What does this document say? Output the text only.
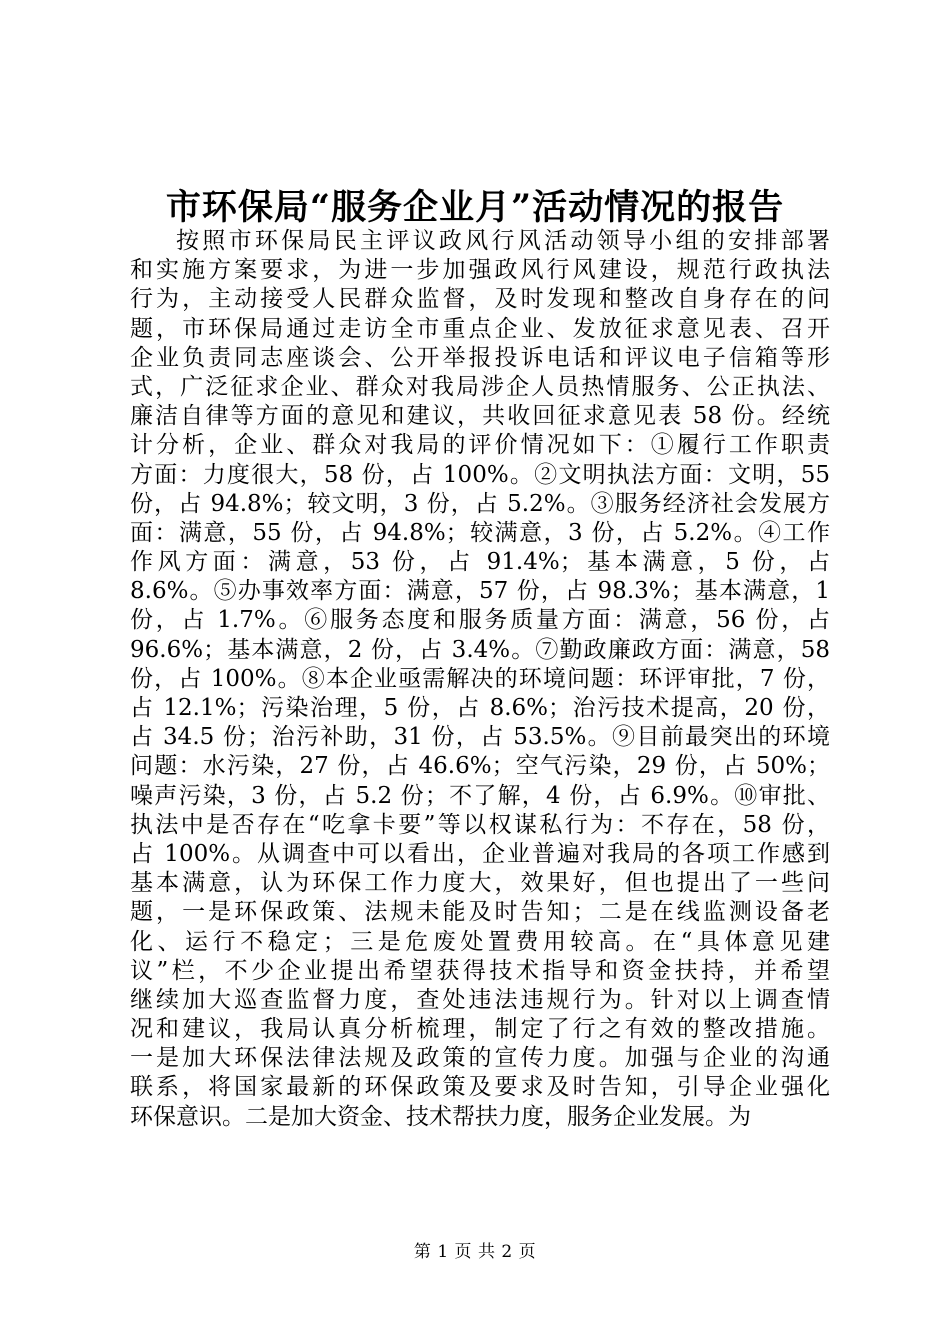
市环保局“服务企业月”活动情况的报告
按照市环保局民主评议政风行风活动领导小组的安排部署
和实施方案要求，为进一步加强政风行风建设，规范行政执法
行为，主动接受人民群众监督，及时发现和整改自身存在的问
题，市环保局通过走访全市重点企业、发放征求意见表、召开
企业负责同志座谈会、公开举报投诉电话和评议电子信箱等形
式，广泛征求企业、群众对我局涉企人员热情服务、公正执法、
廉洁自律等方面的意见和建议，共收回征求意见表 58 份。经统
计分析，企业、群众对我局的评价情况如下：①履行工作职责
方面：力度很大，58 份，占 100%。②文明执法方面：文明，55
份，占 94.8%；较文明，3 份，占 5.2%。③服务经济社会发展方
面：满意，55 份，占 94.8%；较满意，3 份，占 5.2%。④工作
作风方面：满意，53 份，占 91.4%；基本满意，5 份，占
8.6%。⑤办事效率方面：满意，57 份，占 98.3%；基本满意，1
份，占 1.7%。⑥服务态度和服务质量方面：满意，56 份，占
96.6%；基本满意，2 份，占 3.4%。⑦勤政廉政方面：满意，58
份，占 100%。⑧本企业亟需解决的环境问题：环评审批，7 份，
占 12.1%；污染治理，5 份，占 8.6%；治污技术提高，20 份，
占 34.5 份；治污补助，31 份，占 53.5%。⑨目前最突出的环境
问题：水污染，27 份，占 46.6%；空气污染，29 份，占 50%；
噪声污染，3 份，占 5.2 份；不了解，4 份，占 6.9%。⑩审批、
执法中是否存在“吃拿卡要”等以权谋私行为：不存在，58 份，
占 100%。从调查中可以看出，企业普遍对我局的各项工作感到
基本满意，认为环保工作力度大，效果好，但也提出了一些问
题，一是环保政策、法规未能及时告知；二是在线监测设备老
化、运行不稳定；三是危废处置费用较高。在“具体意见建
议”栏，不少企业提出希望获得技术指导和资金扶持，并希望
继续加大巡查监督力度，查处违法违规行为。针对以上调查情
况和建议，我局认真分析梳理，制定了行之有效的整改措施。
一是加大环保法律法规及政策的宣传力度。加强与企业的沟通
联系，将国家最新的环保政策及要求及时告知，引导企业强化
环保意识。二是加大资金、技术帮扶力度，服务企业发展。为
第 1 页 共 2 页
